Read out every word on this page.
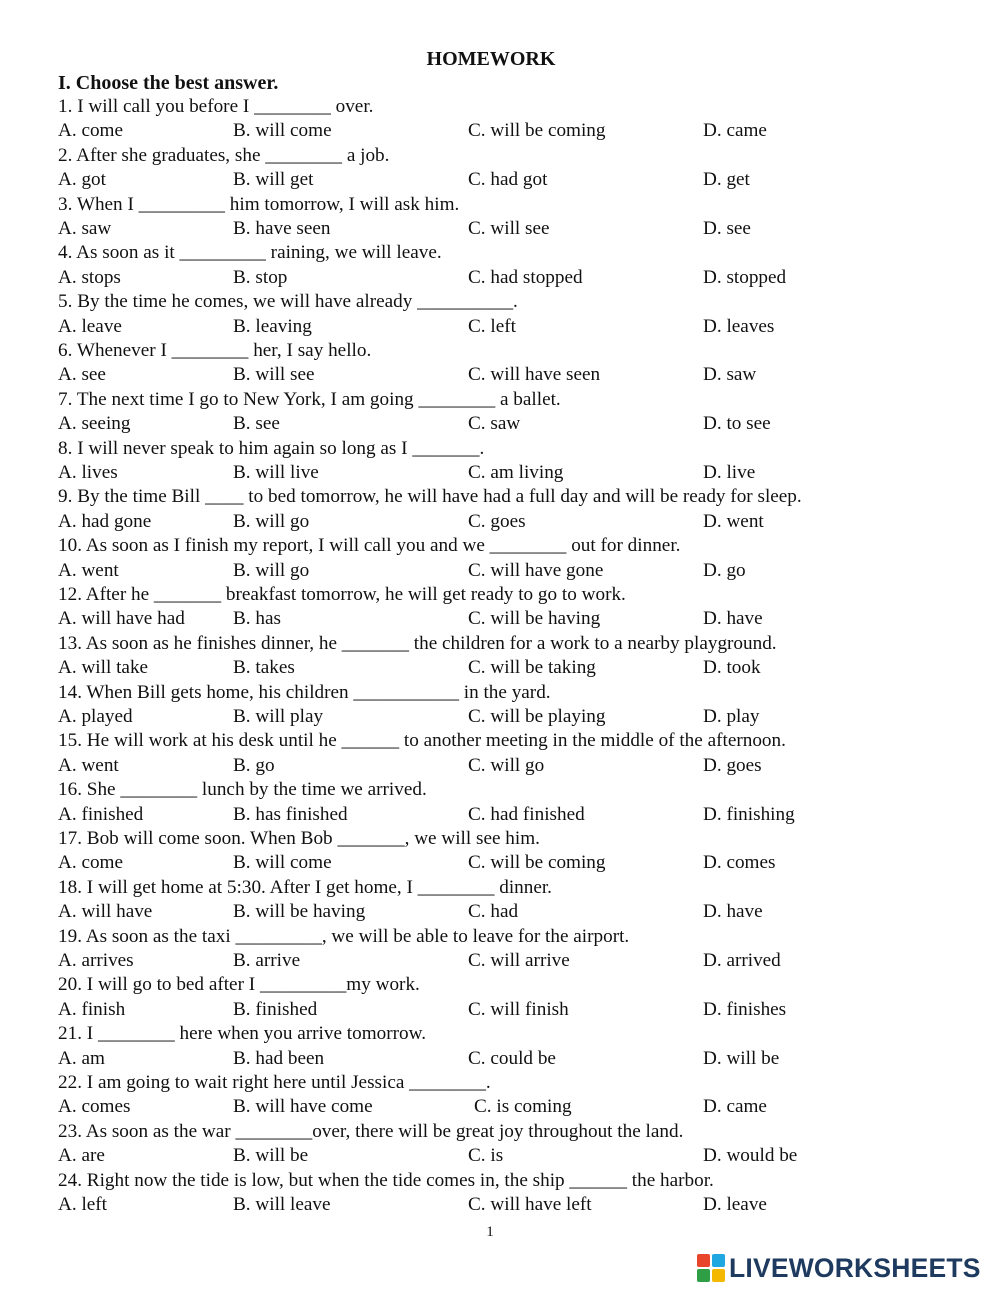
HOMEWORK
I. Choose the best answer.
1. I will call you before I ________ over.
A. come	B. will come	C. will be coming	D. came
2. After she graduates, she ________ a job.
A. got	B. will get	C. had got	D. get
3. When I _________ him tomorrow, I will ask him.
A. saw	B. have seen	C. will see	D. see
4. As soon as it _________ raining, we will leave.
A. stops	B. stop	C. had stopped	D. stopped
5. By the time he comes, we will have already __________.
A. leave	B. leaving	C. left	D. leaves
6. Whenever I ________ her, I say hello.
A. see	B. will see	C. will have seen	D. saw
7. The next time I go to New York, I am going ________ a ballet.
A. seeing	B. see	C. saw	D. to see
8. I will never speak to him again so long as I _______.
A. lives	B. will live	C. am living	D. live
9. By the time Bill ____ to bed tomorrow, he will have had a full day and will be ready for sleep.
A. had gone	B. will go	C. goes	D. went
10. As soon as I finish my report, I will call you and we ________ out for dinner.
A. went	B. will go	C. will have gone	D. go
12. After he _______ breakfast tomorrow, he will get ready to go to work.
A. will have had	B. has	C. will be having	D. have
13. As soon as he finishes dinner, he _______ the children for a work to a nearby playground.
A. will take	B. takes	C. will be taking	D. took
14. When Bill gets home, his children ___________ in the yard.
A. played	B. will play	C. will be playing	D. play
15. He will work at his desk until he ______ to another meeting in the middle of the afternoon.
A. went	B. go	C. will go	D. goes
16. She ________ lunch by the time we arrived.
A. finished	B. has finished	C. had finished	D. finishing
17. Bob will come soon. When Bob _______, we will see him.
A. come	B. will come	C. will be coming	D. comes
18. I will get home at 5:30. After I get home, I ________ dinner.
A. will have	B. will be having	C. had	D. have
19. As soon as the taxi _________, we will be able to leave for the airport.
A. arrives	B. arrive	C. will arrive	D. arrived
20. I will go to bed after I _________my work.
A. finish	B. finished	C. will finish	D. finishes
21. I ________ here when you arrive tomorrow.
A. am	B. had been	C. could be	D. will be
22. I am going to wait right here until Jessica ________.
A. comes	B. will have come	C. is coming	D. came
23. As soon as the war ________over, there will be great joy throughout the land.
A. are	B. will be	C. is	D. would be
24. Right now the tide is low, but when the tide comes in, the ship ______ the harbor.
A. left	B. will leave	C. will have left	D. leave
1
LIVEWORKSHEETS
